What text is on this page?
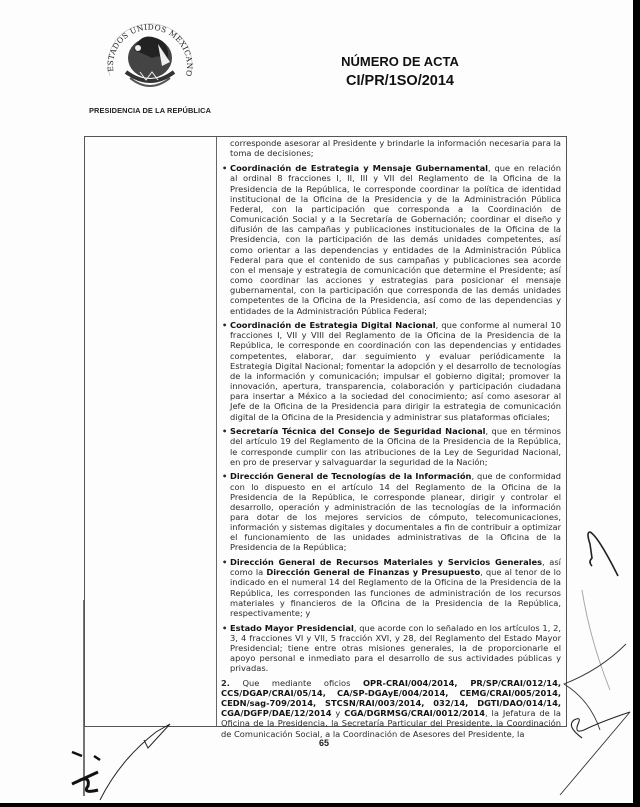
ESTADOS UNIDOS MEXICANO
PRESIDENCIA DE LA REPÚBLICA
NÚMERO DE ACTA
CI/PR/1SO/2014

corresponde asesorar al Presidente y brindarle la información necesaria para la toma de decisiones;

• Coordinación de Estrategia y Mensaje Gubernamental, que en relación al ordinal 8 fracciones I, II, III y VII del Reglamento de la Oficina de la Presidencia de la República, le corresponde coordinar la política de identidad institucional de la Oficina de la Presidencia y de la Administración Pública Federal, con la participación que corresponda a la Coordinación de Comunicación Social y a la Secretaría de Gobernación; coordinar el diseño y difusión de las campañas y publicaciones institucionales de la Oficina de la Presidencia, con la participación de las demás unidades competentes, así como orientar a las dependencias y entidades de la Administración Pública Federal para que el contenido de sus campañas y publicaciones sea acorde con el mensaje y estrategia de comunicación que determine el Presidente; así como coordinar las acciones y estrategias para posicionar el mensaje gubernamental, con la participación que corresponda de las demás unidades competentes de la Oficina de la Presidencia, así como de las dependencias y entidades de la Administración Pública Federal;
• Coordinación de Estrategia Digital Nacional, que conforme al numeral 10 fracciones I, VII y VIII del Reglamento de la Oficina de la Presidencia de la República, le corresponde en coordinación con las dependencias y entidades competentes, elaborar, dar seguimiento y evaluar periódicamente la Estrategia Digital Nacional; fomentar la adopción y el desarrollo de tecnologías de la información y comunicación; impulsar el gobierno digital; promover la innovación, apertura, transparencia, colaboración y participación ciudadana para insertar a México a la sociedad del conocimiento; así como asesorar al Jefe de la Oficina de la Presidencia para dirigir la estrategia de comunicación digital de la Oficina de la Presidencia y administrar sus plataformas oficiales;
• Secretaría Técnica del Consejo de Seguridad Nacional, que en términos del artículo 19 del Reglamento de la Oficina de la Presidencia de la República, le corresponde cumplir con las atribuciones de la Ley de Seguridad Nacional, en pro de preservar y salvaguardar la seguridad de la Nación;
• Dirección General de Tecnologías de la Información, que de conformidad con lo dispuesto en el artículo 14 del Reglamento de la Oficina de la Presidencia de la República, le corresponde planear, dirigir y controlar el desarrollo, operación y administración de las tecnologías de la información para dotar de los mejores servicios de cómputo, telecomunicaciones, información y sistemas digitales y documentales a fin de contribuir a optimizar el funcionamiento de las unidades administrativas de la Oficina de la Presidencia de la República;
• Dirección General de Recursos Materiales y Servicios Generales, así como la Dirección General de Finanzas y Presupuesto, que al tenor de lo indicado en el numeral 14 del Reglamento de la Oficina de la Presidencia de la República, les corresponden las funciones de administración de los recursos materiales y financieros de la Oficina de la Presidencia de la República, respectivamente; y
• Estado Mayor Presidencial, que acorde con lo señalado en los artículos 1, 2, 3, 4 fracciones VI y VII, 5 fracción XVI, y 28, del Reglamento del Estado Mayor Presidencial; tiene entre otras misiones generales, la de proporcionarle el apoyo personal e inmediato para el desarrollo de sus actividades públicas y privadas.

2. Que mediante oficios OPR-CRAI/004/2014, PR/SP/CRAI/012/14, CCS/DGAP/CRAI/05/14, CA/SP-DGAyE/004/2014, CEMG/CRAI/005/2014, CEDN/sag-709/2014, STCSN/RAI/003/2014, 032/14, DGTI/DAO/014/14, CGA/DGFP/DAE/12/2014 y CGA/DGRMSG/CRAI/0012/2014, la Jefatura de la Oficina de la Presidencia, la Secretaría Particular del Presidente, la Coordinación de Comunicación Social, a la Coordinación de Asesores del Presidente, la

65
